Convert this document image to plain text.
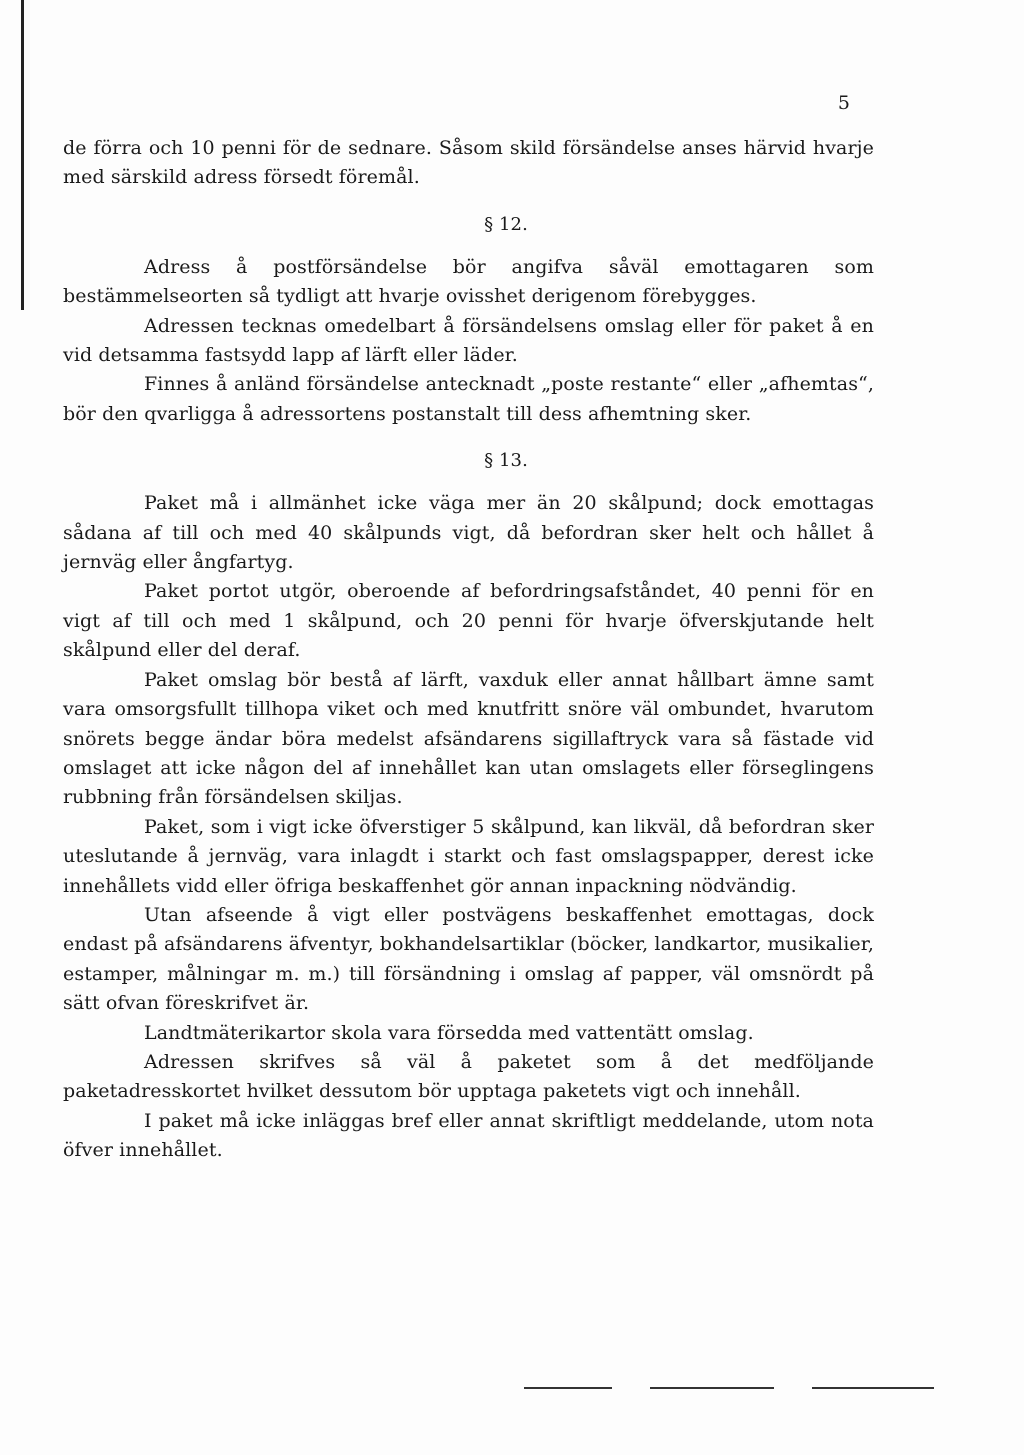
5

de förra och 10 penni för de sednare. Såsom skild försändelse anses härvid hvarje med särskild adress försedt föremål.

§ 12.

Adress å postförsändelse bör angifva såväl emottagaren som bestämmelseorten så tydligt att hvarje ovisshet derigenom förebygges.

Adressen tecknas omedelbart å försändelsens omslag eller för paket å en vid detsamma fastsydd lapp af lärft eller läder.

Finnes å anländ försändelse antecknadt „poste restante“ eller „afhemtas“, bör den qvarligga å adressortens postanstalt till dess afhemtning sker.

§ 13.

Paket må i allmänhet icke väga mer än 20 skålpund; dock emottagas sådana af till och med 40 skålpunds vigt, då befordran sker helt och hållet å jernväg eller ångfartyg.

Paket portot utgör, oberoende af befordringsafståndet, 40 penni för en vigt af till och med 1 skålpund, och 20 penni för hvarje öfverskjutande helt skålpund eller del deraf.

Paket omslag bör bestå af lärft, vaxduk eller annat hållbart ämne samt vara omsorgsfullt tillhopa viket och med knutfritt snöre väl ombundet, hvarutom snörets begge ändar böra medelst afsändarens sigillaftryck vara så fästade vid omslaget att icke någon del af innehållet kan utan omslagets eller förseglingens rubbning från försändelsen skiljas.

Paket, som i vigt icke öfverstiger 5 skålpund, kan likväl, då befordran sker uteslutande å jernväg, vara inlagdt i starkt och fast omslagspapper, derest icke innehållets vidd eller öfriga beskaffenhet gör annan inpackning nödvändig.

Utan afseende å vigt eller postvägens beskaffenhet emottagas, dock endast på afsändarens äfventyr, bokhandelsartiklar (böcker, landkartor, musikalier, estamper, målningar m. m.) till försändning i omslag af papper, väl omsnördt på sätt ofvan föreskrifvet är.

Landtmäterikartor skola vara försedda med vattentätt omslag.

Adressen skrifves så väl å paketet som å det medföljande paketadresskortet hvilket dessutom bör upptaga paketets vigt och innehåll.

I paket må icke inläggas bref eller annat skriftligt meddelande, utom nota öfver innehållet.
